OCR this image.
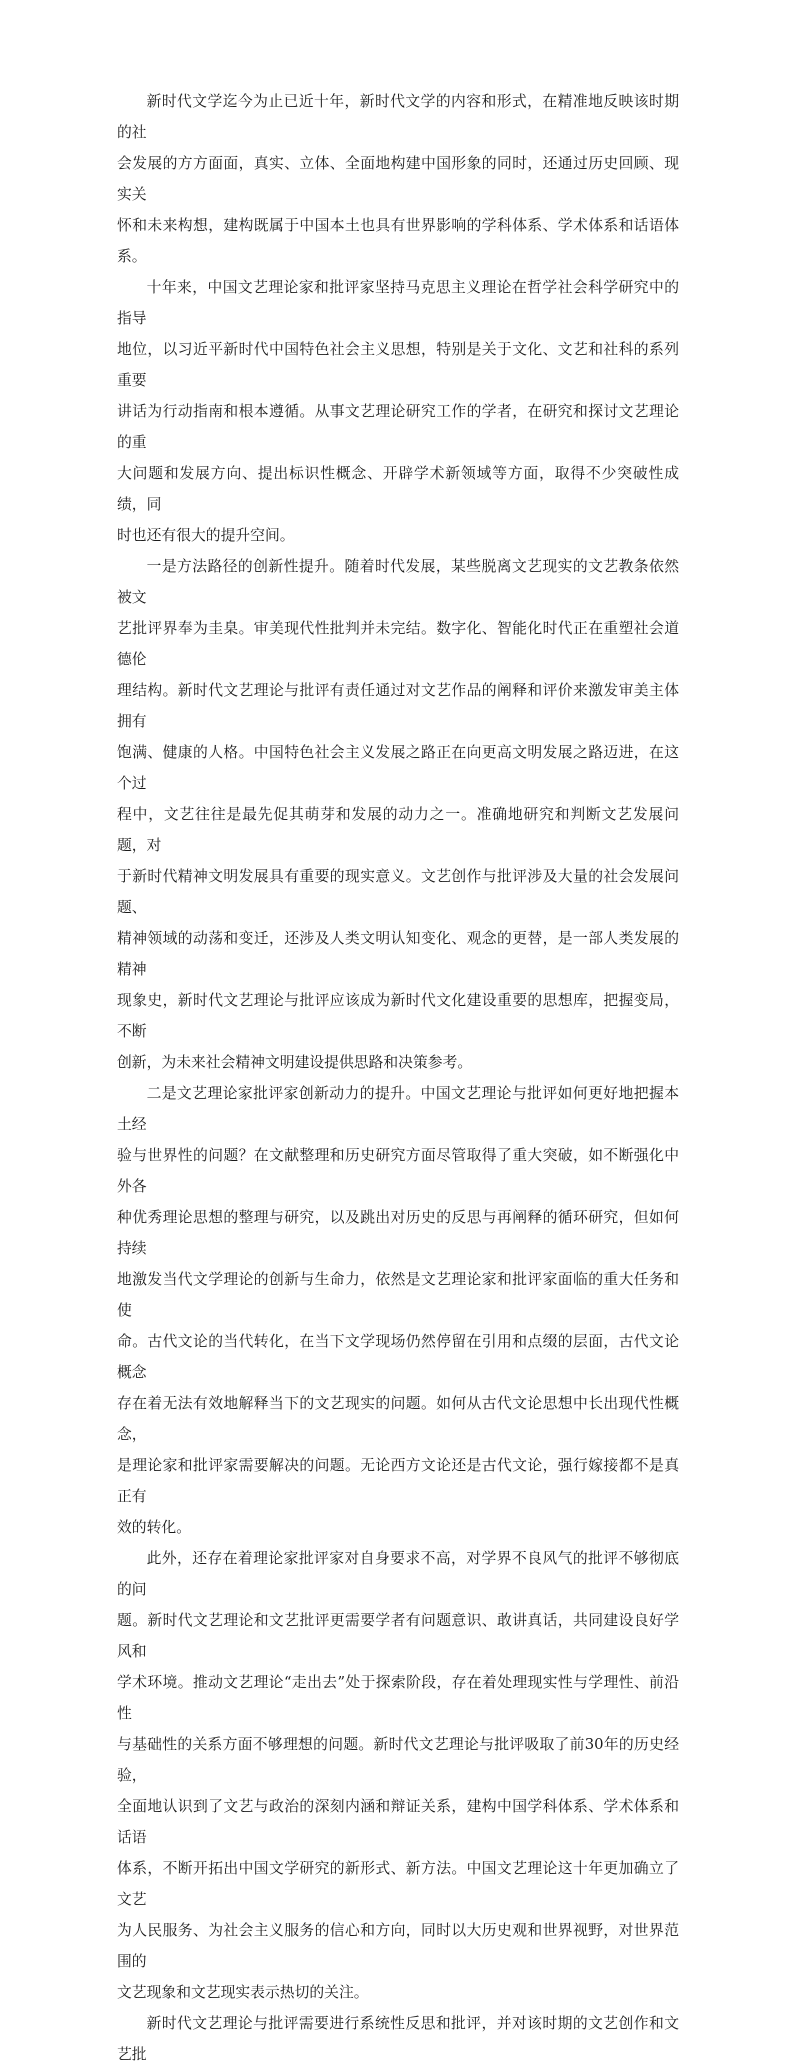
新时代文学迄今为止已近十年，新时代文学的内容和形式，在精准地反映该时期的社
会发展的方方面面，真实、立体、全面地构建中国形象的同时，还通过历史回顾、现实关
怀和未来构想，建构既属于中国本土也具有世界影响的学科体系、学术体系和话语体系。

十年来，中国文艺理论家和批评家坚持马克思主义理论在哲学社会科学研究中的指导
地位，以习近平新时代中国特色社会主义思想，特别是关于文化、文艺和社科的系列重要
讲话为行动指南和根本遵循。从事文艺理论研究工作的学者，在研究和探讨文艺理论的重
大问题和发展方向、提出标识性概念、开辟学术新领域等方面，取得不少突破性成绩，同
时也还有很大的提升空间。

一是方法路径的创新性提升。随着时代发展，某些脱离文艺现实的文艺教条依然被文
艺批评界奉为圭臬。审美现代性批判并未完结。数字化、智能化时代正在重塑社会道德伦
理结构。新时代文艺理论与批评有责任通过对文艺作品的阐释和评价来激发审美主体拥有
饱满、健康的人格。中国特色社会主义发展之路正在向更高文明发展之路迈进，在这个过
程中，文艺往往是最先促其萌芽和发展的动力之一。准确地研究和判断文艺发展问题，对
于新时代精神文明发展具有重要的现实意义。文艺创作与批评涉及大量的社会发展问题、
精神领域的动荡和变迁，还涉及人类文明认知变化、观念的更替，是一部人类发展的精神
现象史，新时代文艺理论与批评应该成为新时代文化建设重要的思想库，把握变局，不断
创新，为未来社会精神文明建设提供思路和决策参考。

二是文艺理论家批评家创新动力的提升。中国文艺理论与批评如何更好地把握本土经
验与世界性的问题？在文献整理和历史研究方面尽管取得了重大突破，如不断强化中外各
种优秀理论思想的整理与研究，以及跳出对历史的反思与再阐释的循环研究，但如何持续
地激发当代文学理论的创新与生命力，依然是文艺理论家和批评家面临的重大任务和使
命。古代文论的当代转化，在当下文学现场仍然停留在引用和点缀的层面，古代文论概念
存在着无法有效地解释当下的文艺现实的问题。如何从古代文论思想中长出现代性概念，
是理论家和批评家需要解决的问题。无论西方文论还是古代文论，强行嫁接都不是真正有
效的转化。

此外，还存在着理论家批评家对自身要求不高，对学界不良风气的批评不够彻底的问
题。新时代文艺理论和文艺批评更需要学者有问题意识、敢讲真话，共同建设良好学风和
学术环境。推动文艺理论“走出去”处于探索阶段，存在着处理现实性与学理性、前沿性
与基础性的关系方面不够理想的问题。新时代文艺理论与批评吸取了前30年的历史经验，
全面地认识到了文艺与政治的深刻内涵和辩证关系，建构中国学科体系、学术体系和话语
体系，不断开拓出中国文学研究的新形式、新方法。中国文艺理论这十年更加确立了文艺
为人民服务、为社会主义服务的信心和方向，同时以大历史观和世界视野，对世界范围的
文艺现象和文艺现实表示热切的关注。

新时代文艺理论与批评需要进行系统性反思和批评，并对该时期的文艺创作和文艺批
